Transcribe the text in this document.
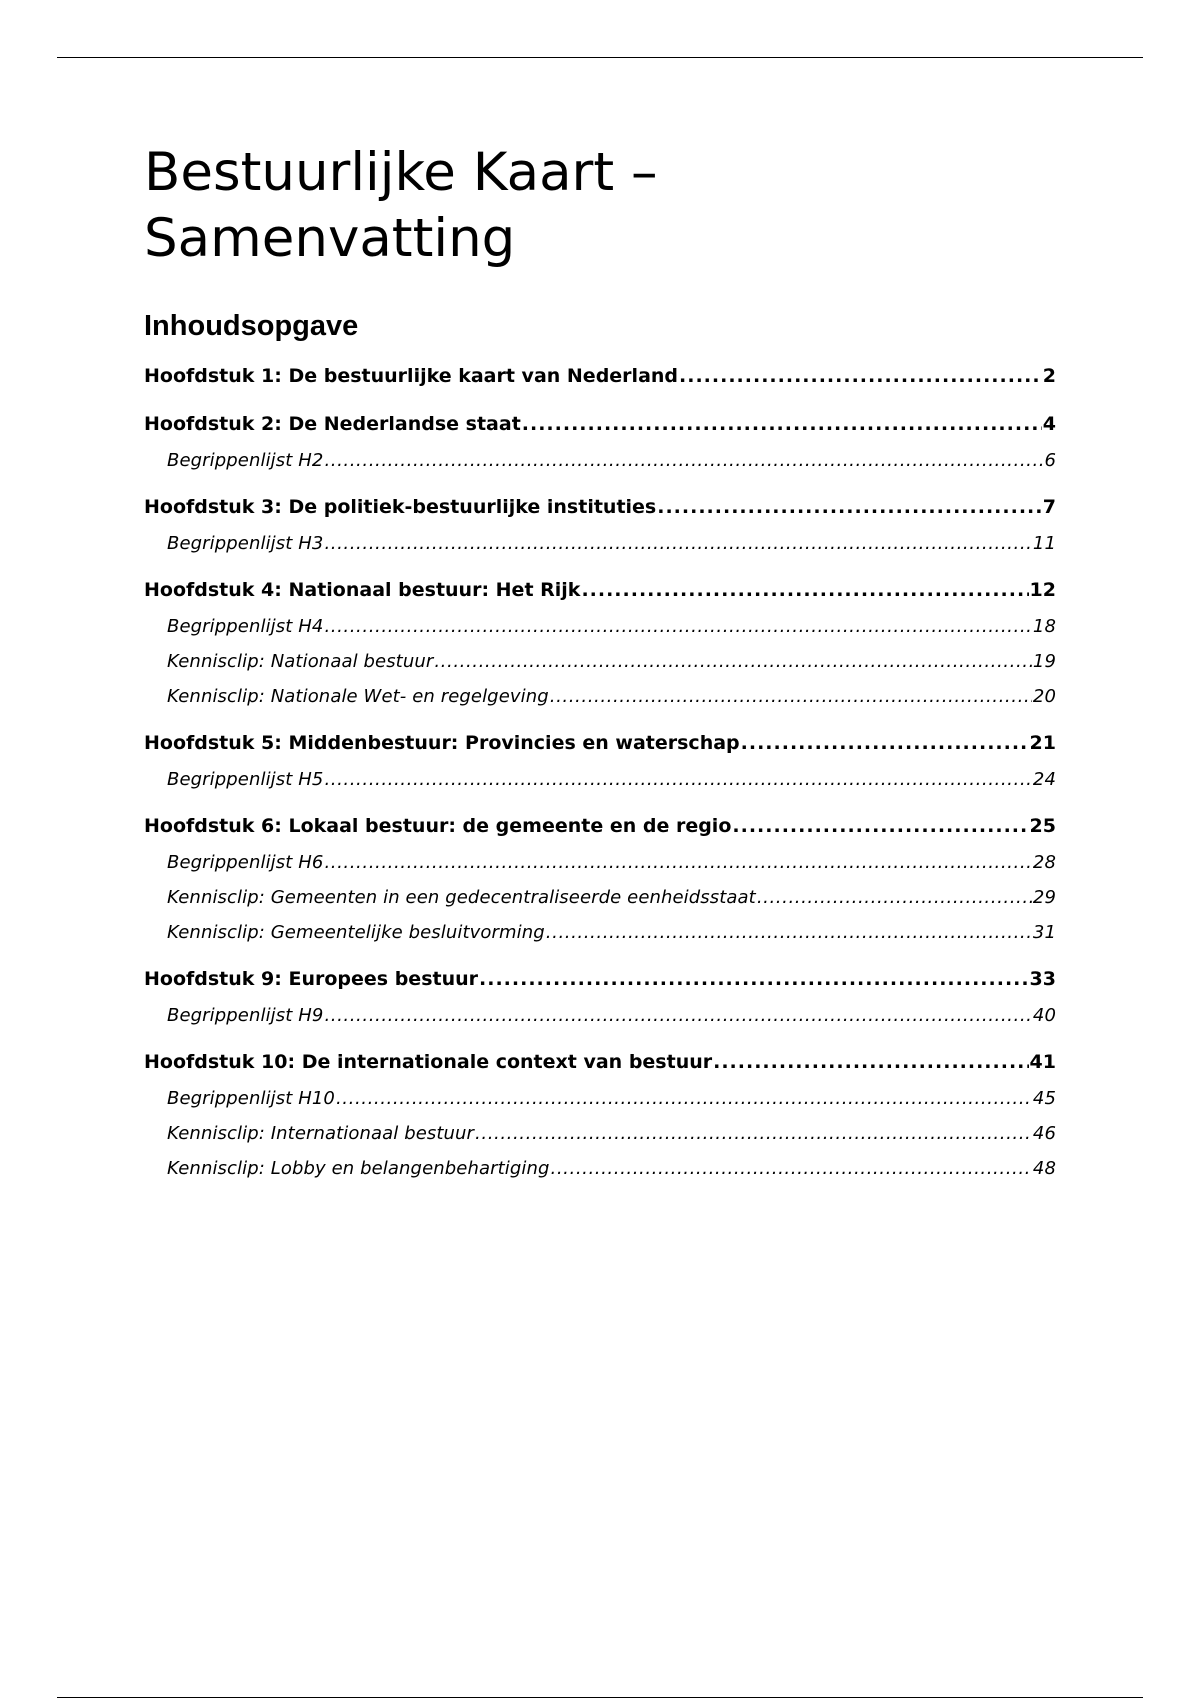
Bestuurlijke Kaart – Samenvatting
Inhoudsopgave
Hoofdstuk 1: De bestuurlijke kaart van Nederland .....	2
Hoofdstuk 2: De Nederlandse staat .....	4
Begrippenlijst H2 .....	6
Hoofdstuk 3: De politiek-bestuurlijke instituties .....	7
Begrippenlijst H3 .....	11
Hoofdstuk 4: Nationaal bestuur: Het Rijk .....	12
Begrippenlijst H4 .....	18
Kennisclip: Nationaal bestuur .....	19
Kennisclip: Nationale Wet- en regelgeving .....	20
Hoofdstuk 5: Middenbestuur: Provincies en waterschap .....	21
Begrippenlijst H5 .....	24
Hoofdstuk 6: Lokaal bestuur: de gemeente en de regio .....	25
Begrippenlijst H6 .....	28
Kennisclip: Gemeenten in een gedecentraliseerde eenheidsstaat .....	29
Kennisclip: Gemeentelijke besluitvorming .....	31
Hoofdstuk 9: Europees bestuur .....	33
Begrippenlijst H9 .....	40
Hoofdstuk 10: De internationale context van bestuur .....	41
Begrippenlijst H10 .....	45
Kennisclip: Internationaal bestuur .....	46
Kennisclip: Lobby en belangenbehartiging .....	48
